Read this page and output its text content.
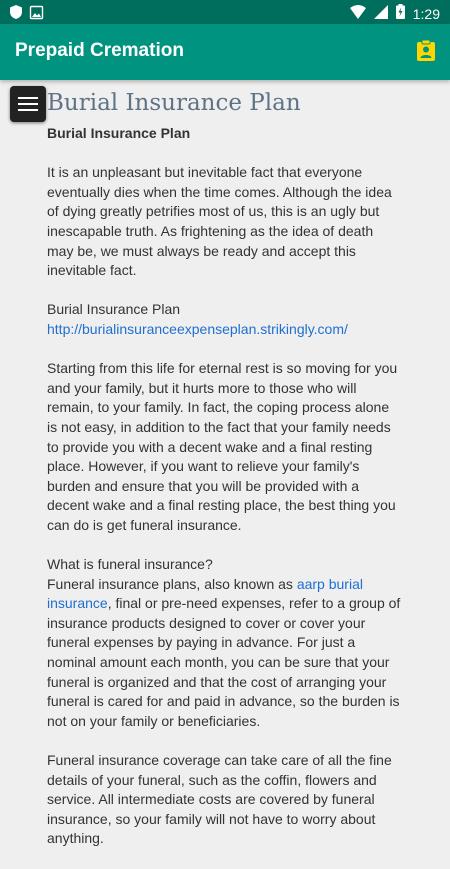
1:29
Prepaid Cremation
Burial Insurance Plan

Burial Insurance Plan

It is an unpleasant but inevitable fact that everyone eventually dies when the time comes. Although the idea of dying greatly petrifies most of us, this is an ugly but inescapable truth. As frightening as the idea of death may be, we must always be ready and accept this inevitable fact.

Burial Insurance Plan
http://burialinsuranceexpenseplan.strikingly.com/

Starting from this life for eternal rest is so moving for you and your family, but it hurts more to those who will remain, to your family. In fact, the coping process alone is not easy, in addition to the fact that your family needs to provide you with a decent wake and a final resting place. However, if you want to relieve your family's burden and ensure that you will be provided with a decent wake and a final resting place, the best thing you can do is get funeral insurance.

What is funeral insurance?
Funeral insurance plans, also known as aarp burial insurance, final or pre-need expenses, refer to a group of insurance products designed to cover or cover your funeral expenses by paying in advance. For just a nominal amount each month, you can be sure that your funeral is organized and that the cost of arranging your funeral is cared for and paid in advance, so the burden is not on your family or beneficiaries.

Funeral insurance coverage can take care of all the fine details of your funeral, such as the coffin, flowers and service. All intermediate costs are covered by funeral insurance, so your family will not have to worry about anything.
